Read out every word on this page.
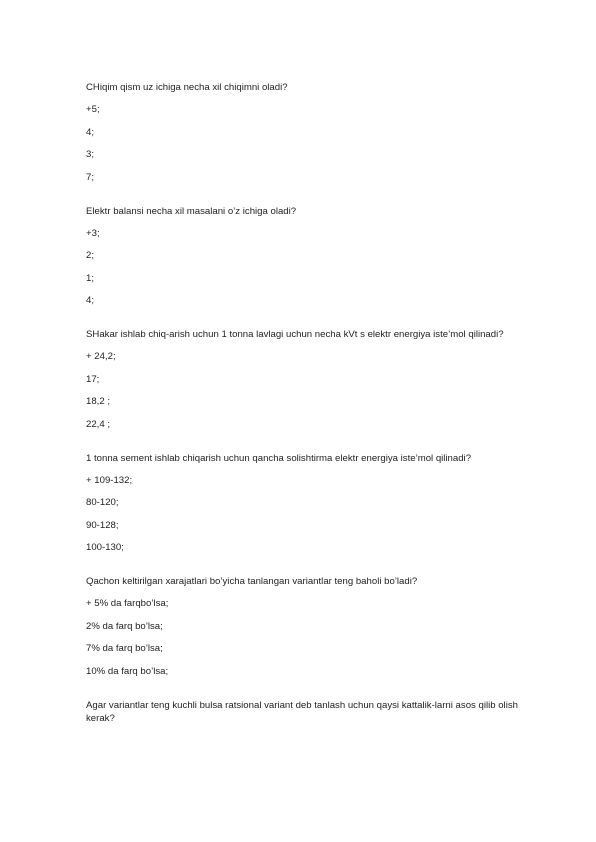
CHiqim qism uz ichiga necha xil chiqimni oladi?

+5;
4;
3;
7;

Elektr balansi necha xil masalani o’z ichiga oladi?

+3;
2;
1;
4;

SHakar ishlab chiq-arish uchun 1 tonna lavlagi uchun necha kVt s elektr energiya iste’mol qilinadi?

+ 24,2;
17;
18,2 ;
22,4 ;

1 tonna sement ishlab chiqarish uchun qancha solishtirma elektr energiya iste’mol qilinadi?

+ 109-132;
80-120;
90-128;
100-130;

Qachon keltirilgan xarajatlari bo’yicha tanlangan variantlar teng baholi bo’ladi?

+ 5% da farqbo’lsa;
2% da farq bo’lsa;
7% da farq bo’lsa;
10% da farq bo’lsa;

Agar variantlar teng kuchli bulsa ratsional variant deb tanlash uchun qaysi kattalik-larni asos qilib olish kerak?
